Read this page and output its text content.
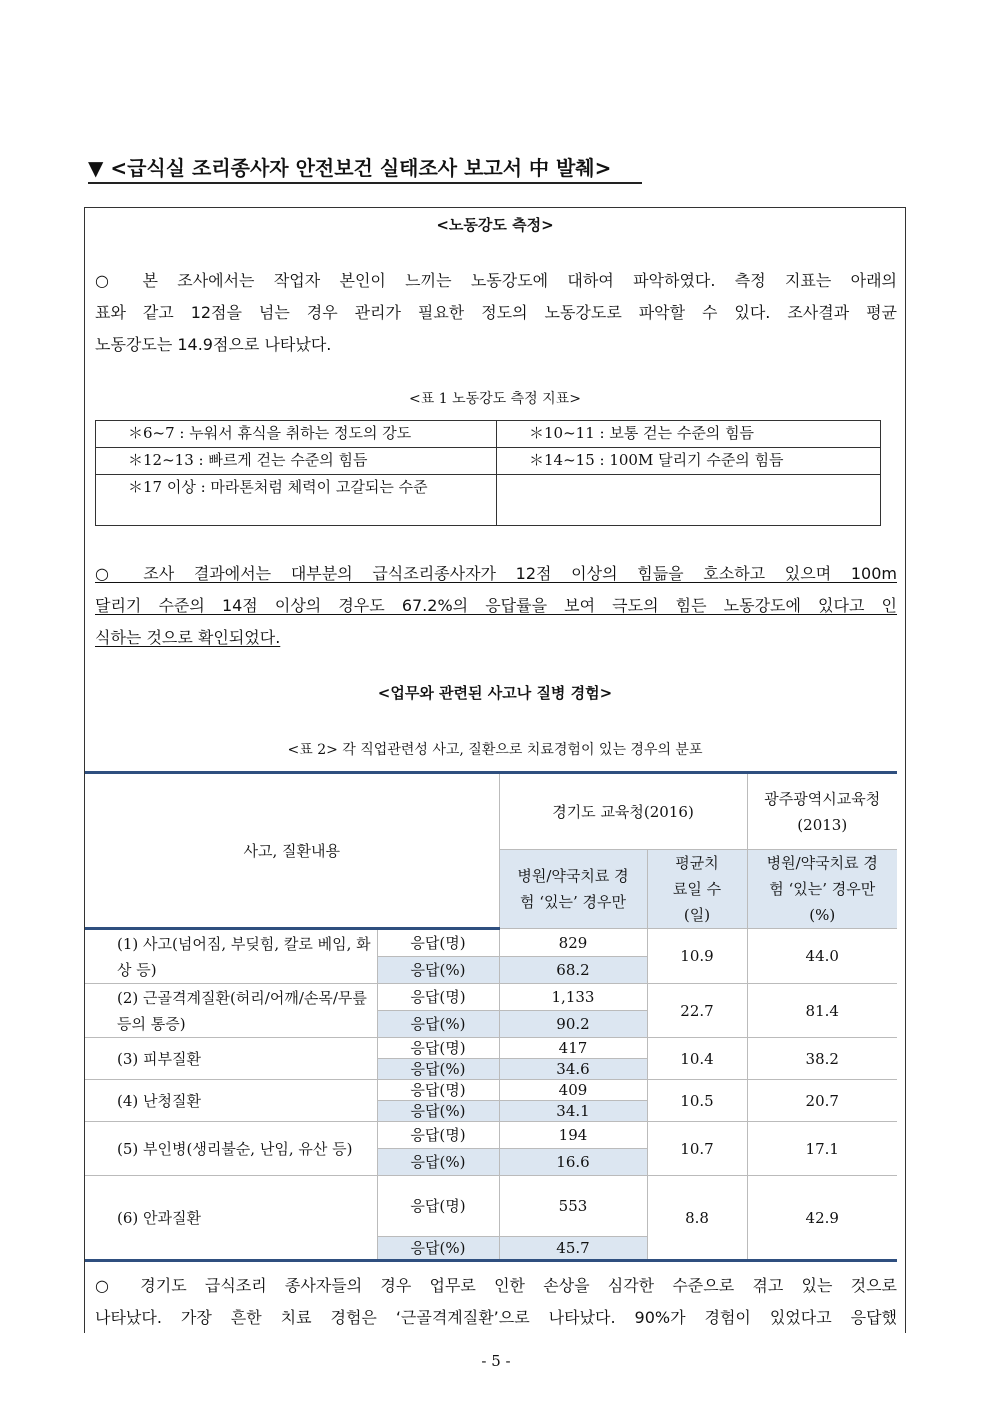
▼ <급식실 조리종사자 안전보건 실태조사 보고서 中 발췌>
<노동강도 측정>
○ 본 조사에서는 작업자 본인이 느끼는 노동강도에 대하여 파악하였다. 측정 지표는 아래의
표와 같고 12점을 넘는 경우 관리가 필요한 정도의 노동강도로 파악할 수 있다. 조사결과 평균
노동강도는 14.9점으로 나타났다.
<표 1 노동강도 측정 지표>
＊6~7 : 누워서 휴식을 취하는 정도의 강도	＊10~11 : 보통 걷는 수준의 힘듬
＊12~13 : 빠르게 걷는 수준의 힘듬	＊14~15 : 100M 달리기 수준의 힘듬
＊17 이상 : 마라톤처럼 체력이 고갈되는 수준	
○ 조사 결과에서는 대부분의 급식조리종사자가 12점 이상의 힘듦을 호소하고 있으며 100m
달리기 수준의 14점 이상의 경우도 67.2%의 응답률을 보여 극도의 힘든 노동강도에 있다고 인
식하는 것으로 확인되었다.
<업무와 관련된 사고나 질병 경험>
<표 2> 각 직업관련성 사고, 질환으로 치료경험이 있는 경우의 분포
사고, 질환내용		경기도 교육청(2016)		광주광역시교육청(2013)
		병원/약국치료 경험 ‘있는’ 경우만	평균치료일 수(일)	병원/약국치료 경험 ‘있는’ 경우만(%)
(1) 사고(넘어짐, 부딪힘, 칼로 베임, 화상 등)	응답(명)	829	10.9	44.0
	응답(%)	68.2		
(2) 근골격계질환(허리/어깨/손목/무릎 등의 통증)	응답(명)	1,133	22.7	81.4
	응답(%)	90.2		
(3) 피부질환	응답(명)	417	10.4	38.2
	응답(%)	34.6		
(4) 난청질환	응답(명)	409	10.5	20.7
	응답(%)	34.1		
(5) 부인병(생리불순, 난임, 유산 등)	응답(명)	194	10.7	17.1
	응답(%)	16.6		
(6) 안과질환	응답(명)	553	8.8	42.9
	응답(%)	45.7		
○ 경기도 급식조리 종사자들의 경우 업무로 인한 손상을 심각한 수준으로 겪고 있는 것으로
나타났다. 가장 흔한 치료 경험은 ‘근골격계질환’으로 나타났다. 90%가 경험이 있었다고 응답했
- 5 -
